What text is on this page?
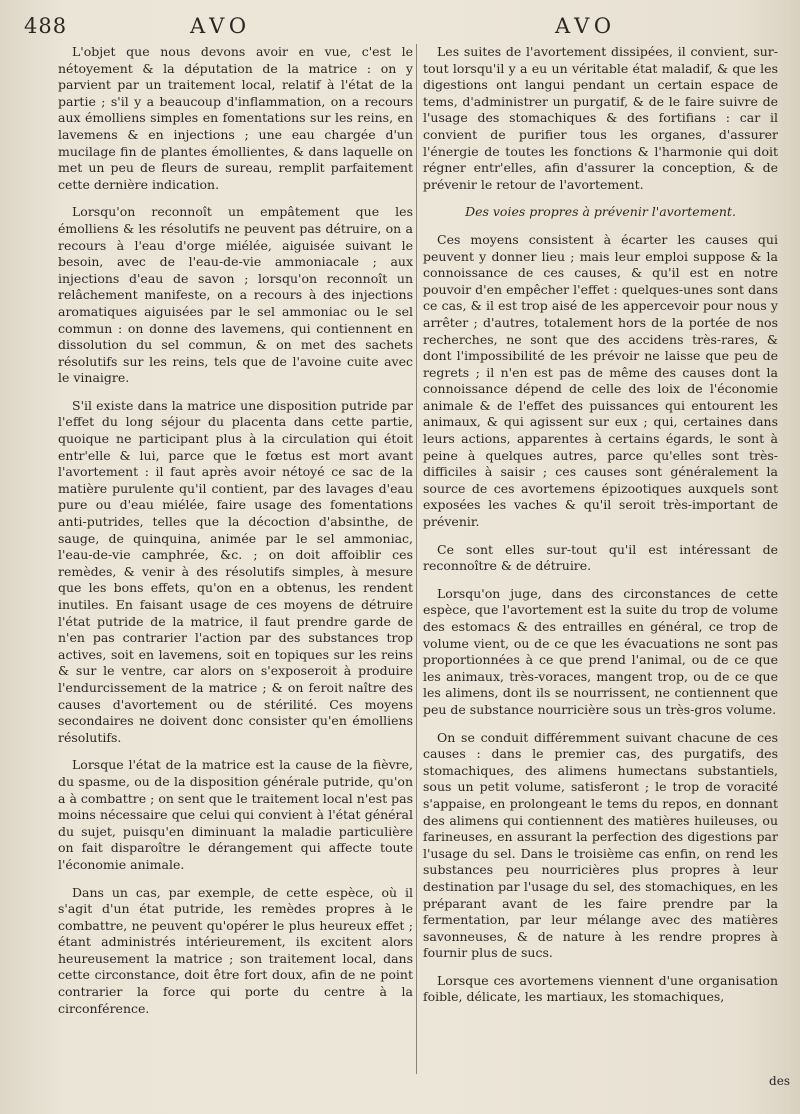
488	AVO	AVO

L'objet que nous devons avoir en vue, c'est le nétoyement & la députation de la matrice : on y parvient par un traitement local, relatif à l'état de la partie ; s'il y a beaucoup d'inflammation, on a recours aux émolliens simples en fomentations sur les reins, en lavemens & en injections ; une eau chargée d'un mucilage fin de plantes émollientes, & dans laquelle on met un peu de fleurs de sureau, remplit parfaitement cette dernière indication.

Lorsqu'on reconnoît un empâtement que les émolliens & les résolutifs ne peuvent pas détruire, on a recours à l'eau d'orge miélée, aiguisée suivant le besoin, avec de l'eau-de-vie ammoniacale ; aux injections d'eau de savon ; lorsqu'on reconnoît un relâchement manifeste, on a recours à des injections aromatiques aiguisées par le sel ammoniac ou le sel commun : on donne des lavemens, qui contiennent en dissolution du sel commun, & on met des sachets résolutifs sur les reins, tels que de l'avoine cuite avec le vinaigre.

S'il existe dans la matrice une disposition putride par l'effet du long séjour du placenta dans cette partie, quoique ne participant plus à la circulation qui étoit entr'elle & lui, parce que le fœtus est mort avant l'avortement : il faut après avoir nétoyé ce sac de la matière purulente qu'il contient, par des lavages d'eau pure ou d'eau miélée, faire usage des fomentations anti-putrides, telles que la décoction d'absinthe, de sauge, de quinquina, animée par le sel ammoniac, l'eau-de-vie camphrée, &c. ; on doit affoiblir ces remèdes, & venir à des résolutifs simples, à mesure que les bons effets, qu'on en a obtenus, les rendent inutiles. En faisant usage de ces moyens de détruire l'état putride de la matrice, il faut prendre garde de n'en pas contrarier l'action par des substances trop actives, soit en lavemens, soit en topiques sur les reins & sur le ventre, car alors on s'exposeroit à produire l'endurcissement de la matrice ; & on feroit naître des causes d'avortement ou de stérilité. Ces moyens secondaires ne doivent donc consister qu'en émolliens résolutifs.

Lorsque l'état de la matrice est la cause de la fièvre, du spasme, ou de la disposition générale putride, qu'on a à combattre ; on sent que le traitement local n'est pas moins nécessaire que celui qui convient à l'état général du sujet, puisqu'en diminuant la maladie particulière on fait disparoître le dérangement qui affecte toute l'économie animale.

Dans un cas, par exemple, de cette espèce, où il s'agit d'un état putride, les remèdes propres à le combattre, ne peuvent qu'opérer le plus heureux effet ; étant administrés intérieurement, ils excitent alors heureusement la matrice ; son traitement local, dans cette circonstance, doit être fort doux, afin de ne point contrarier la force qui porte du centre à la circonférence.

Les suites de l'avortement dissipées, il convient, sur-tout lorsqu'il y a eu un véritable état maladif, & que les digestions ont langui pendant un certain espace de tems, d'administrer un purgatif, & de le faire suivre de l'usage des stomachiques & des fortifians : car il convient de purifier tous les organes, d'assurer l'énergie de toutes les fonctions & l'harmonie qui doit régner entr'elles, afin d'assurer la conception, & de prévenir le retour de l'avortement.

Des voies propres à prévenir l'avortement.

Ces moyens consistent à écarter les causes qui peuvent y donner lieu ; mais leur emploi suppose & la connoissance de ces causes, & qu'il est en notre pouvoir d'en empêcher l'effet : quelques-unes sont dans ce cas, & il est trop aisé de les appercevoir pour nous y arrêter ; d'autres, totalement hors de la portée de nos recherches, ne sont que des accidens très-rares, & dont l'impossibilité de les prévoir ne laisse que peu de regrets ; il n'en est pas de même des causes dont la connoissance dépend de celle des loix de l'économie animale & de l'effet des puissances qui entourent les animaux, & qui agissent sur eux ; qui, certaines dans leurs actions, apparentes à certains égards, le sont à peine à quelques autres, parce qu'elles sont très-difficiles à saisir ; ces causes sont généralement la source de ces avortemens épizootiques auxquels sont exposées les vaches & qu'il seroit très-important de prévenir.

Ce sont elles sur-tout qu'il est intéressant de reconnoître & de détruire.

Lorsqu'on juge, dans des circonstances de cette espèce, que l'avortement est la suite du trop de volume des estomacs & des entrailles en général, ce trop de volume vient, ou de ce que les évacuations ne sont pas proportionnées à ce que prend l'animal, ou de ce que les animaux, très-voraces, mangent trop, ou de ce que les alimens, dont ils se nourrissent, ne contiennent que peu de substance nourricière sous un très-gros volume.

On se conduit différemment suivant chacune de ces causes : dans le premier cas, des purgatifs, des stomachiques, des alimens humectans substantiels, sous un petit volume, satisferont ; le trop de voracité s'appaise, en prolongeant le tems du repos, en donnant des alimens qui contiennent des matières huileuses, ou farineuses, en assurant la perfection des digestions par l'usage du sel. Dans le troisième cas enfin, on rend les substances peu nourricières plus propres à leur destination par l'usage du sel, des stomachiques, en les préparant avant de les faire prendre par la fermentation, par leur mélange avec des matières savonneuses, & de nature à les rendre propres à fournir plus de sucs.

Lorsque ces avortemens viennent d'une organisation foible, délicate, les martiaux, les stomachiques,

des
